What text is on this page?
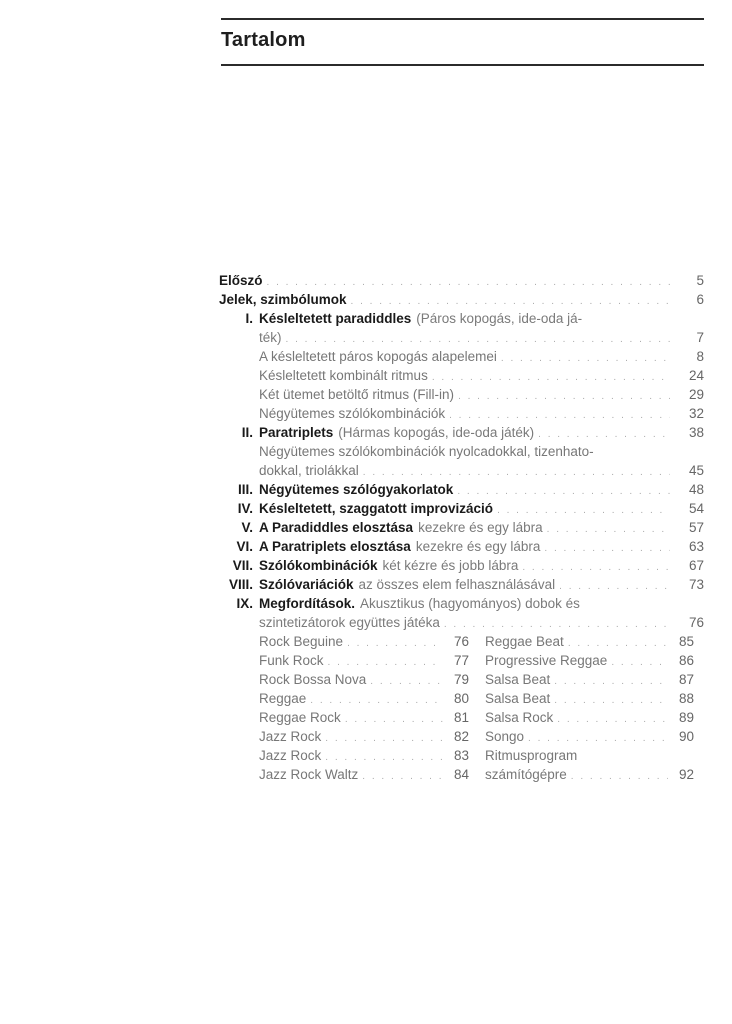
Tartalom
Előszó . . .	5
Jelek, szimbólumok . . .	6
I. Késleltetett paradiddles (Páros kopogás, ide-oda já-
ték) . . .	7
A késleltetett páros kopogás alapelemei . . .	8
Késleltetett kombinált ritmus . . .	24
Két ütemet betöltő ritmus (Fill-in) . . .	29
Négyütemes szólókombinációk . . .	32
II. Paratriplets (Hármas kopogás, ide-oda játék) . . .	38
Négyütemes szólókombinációk nyolcadokkal, tizenhato-
dokkal, triolákkal . . .	45
III. Négyütemes szólógyakorlatok . . .	48
IV. Késleltetett, szaggatott improvizáció . . .	54
V. A Paradiddles elosztása kezekre és egy lábra . . .	57
VI. A Paratriplets elosztása kezekre és egy lábra . . .	63
VII. Szólókombinációk két kézre és jobb lábra . . .	67
VIII. Szólóvariációk az összes elem felhasználásával . . .	73
IX. Megfordítások. Akusztikus (hagyományos) dobok és
szintetizátorok együttes játéka . . .	76
Rock Beguine . . .	76
Funk Rock . . .	77
Rock Bossa Nova . . .	79
Reggae . . .	80
Reggae Rock . . .	81
Jazz Rock . . .	82
Jazz Rock . . .	83
Jazz Rock Waltz . . .	84
Reggae Beat . . .	85
Progressive Reggae . . .	86
Salsa Beat . . .	87
Salsa Beat . . .	88
Salsa Rock . . .	89
Songo . . .	90
Ritmusprogram
számítógépre . . .	92
